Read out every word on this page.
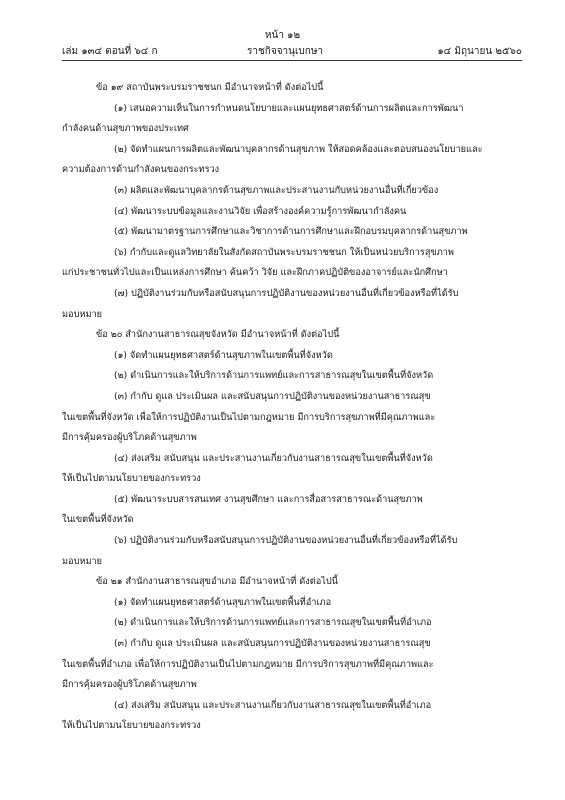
หน้า ๑๒
เล่ม ๑๓๔ ตอนที่ ๖๔ ก	ราชกิจจานุเบกษา	๑๔ มิถุนายน ๒๕๖๐
ข้อ ๑๙ สถาบันพระบรมราชชนก มีอำนาจหน้าที่ ดังต่อไปนี้
(๑) เสนอความเห็นในการกำหนดนโยบายและแผนยุทธศาสตร์ด้านการผลิตและการพัฒนา
กำลังคนด้านสุขภาพของประเทศ
(๒) จัดทำแผนการผลิตและพัฒนาบุคลากรด้านสุขภาพ ให้สอดคล้องและตอบสนองนโยบายและ
ความต้องการด้านกำลังคนของกระทรวง
(๓) ผลิตและพัฒนาบุคลากรด้านสุขภาพและประสานงานกับหน่วยงานอื่นที่เกี่ยวข้อง
(๔) พัฒนาระบบข้อมูลและงานวิจัย เพื่อสร้างองค์ความรู้การพัฒนากำลังคน
(๕) พัฒนามาตรฐานการศึกษาและวิชาการด้านการศึกษาและฝึกอบรมบุคลากรด้านสุขภาพ
(๖) กำกับและดูแลวิทยาลัยในสังกัดสถาบันพระบรมราชชนก ให้เป็นหน่วยบริการสุขภาพ
แก่ประชาชนทั่วไปและเป็นแหล่งการศึกษา ค้นคว้า วิจัย และฝึกภาคปฏิบัติของอาจารย์และนักศึกษา
(๗) ปฏิบัติงานร่วมกับหรือสนับสนุนการปฏิบัติงานของหน่วยงานอื่นที่เกี่ยวข้องหรือที่ได้รับ
มอบหมาย
ข้อ ๒๐ สำนักงานสาธารณสุขจังหวัด มีอำนาจหน้าที่ ดังต่อไปนี้
(๑) จัดทำแผนยุทธศาสตร์ด้านสุขภาพในเขตพื้นที่จังหวัด
(๒) ดำเนินการและให้บริการด้านการแพทย์และการสาธารณสุขในเขตพื้นที่จังหวัด
(๓) กำกับ ดูแล ประเมินผล และสนับสนุนการปฏิบัติงานของหน่วยงานสาธารณสุข
ในเขตพื้นที่จังหวัด เพื่อให้การปฏิบัติงานเป็นไปตามกฎหมาย มีการบริการสุขภาพที่มีคุณภาพและ
มีการคุ้มครองผู้บริโภคด้านสุขภาพ
(๔) ส่งเสริม สนับสนุน และประสานงานเกี่ยวกับงานสาธารณสุขในเขตพื้นที่จังหวัด
ให้เป็นไปตามนโยบายของกระทรวง
(๕) พัฒนาระบบสารสนเทศ งานสุขศึกษา และการสื่อสารสาธารณะด้านสุขภาพ
ในเขตพื้นที่จังหวัด
(๖) ปฏิบัติงานร่วมกับหรือสนับสนุนการปฏิบัติงานของหน่วยงานอื่นที่เกี่ยวข้องหรือที่ได้รับ
มอบหมาย
ข้อ ๒๑ สำนักงานสาธารณสุขอำเภอ มีอำนาจหน้าที่ ดังต่อไปนี้
(๑) จัดทำแผนยุทธศาสตร์ด้านสุขภาพในเขตพื้นที่อำเภอ
(๒) ดำเนินการและให้บริการด้านการแพทย์และการสาธารณสุขในเขตพื้นที่อำเภอ
(๓) กำกับ ดูแล ประเมินผล และสนับสนุนการปฏิบัติงานของหน่วยงานสาธารณสุข
ในเขตพื้นที่อำเภอ เพื่อให้การปฏิบัติงานเป็นไปตามกฎหมาย มีการบริการสุขภาพที่มีคุณภาพและ
มีการคุ้มครองผู้บริโภคด้านสุขภาพ
(๔) ส่งเสริม สนับสนุน และประสานงานเกี่ยวกับงานสาธารณสุขในเขตพื้นที่อำเภอ
ให้เป็นไปตามนโยบายของกระทรวง
